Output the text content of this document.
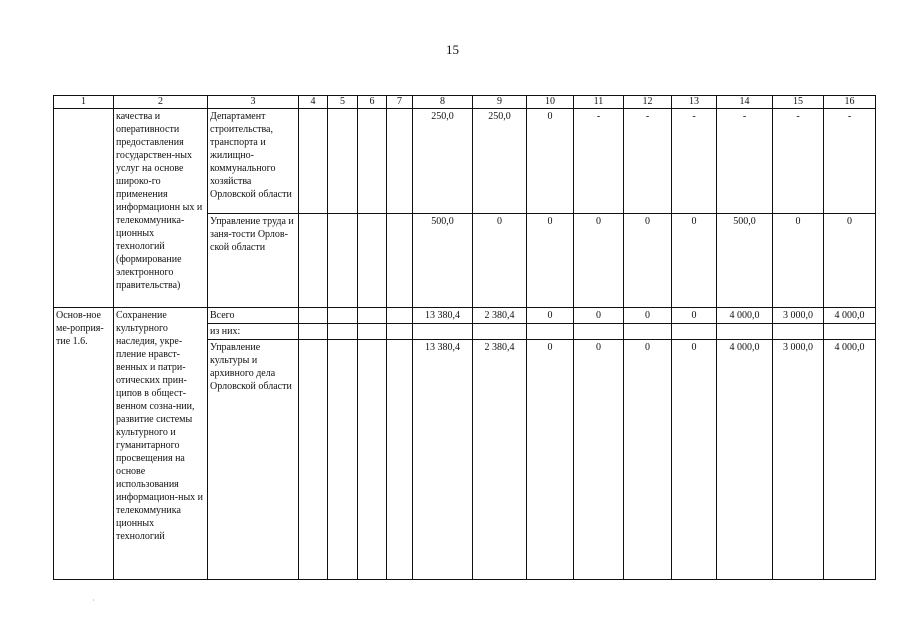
15
1	2	3	4	5	6	7	8	9	10	11	12	13	14	15	16
	качества и оперативности предоставления государствен-ных услуг на основе широко-го применения информационн ых и телекоммуника-ционных технологий (формирование электронного правительства)	Департамент строительства, транспорта и жилищно-коммунального хозяйства Орловской области					250,0	250,0	0	-	-	-	-	-	-
		Управление труда и заня-тости Орлов-ской области					500,0	0	0	0	0	0	500,0	0	0
Основ-ное ме-роприя-тие 1.6.	Сохранение культурного наследия, укре-пление нравст-венных и патри-отических прин-ципов в общест-венном созна-нии, развитие системы культурного и гуманитарного просвещения на основе использования информацион-ных и телекоммуника ционных технологий	Всего					13 380,4	2 380,4	0	0	0	0	4 000,0	3 000,0	4 000,0
		из них:													
		Управление культуры и архивного дела Орловской области					13 380,4	2 380,4	0	0	0	0	4 000,0	3 000,0	4 000,0
·
